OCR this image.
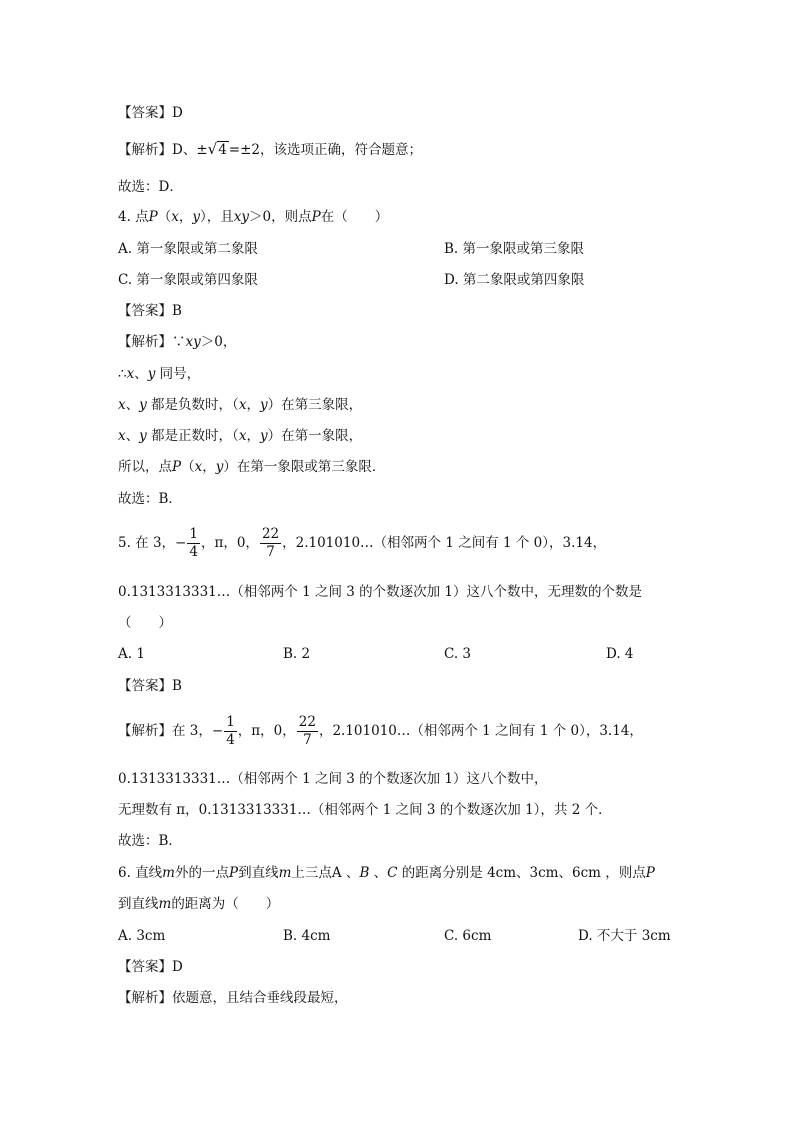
【答案】D
【解析】D、±√4 =±2，该选项正确，符合题意；
故选：D．
4. 点P（x，y），且xy＞0，则点P在（　　）
A. 第一象限或第二象限	B. 第一象限或第三象限
C. 第一象限或第四象限	D. 第二象限或第四象限
【答案】B
【解析】∵xy＞0，
∴x、y 同号，
x、y 都是负数时，（x，y）在第三象限，
x、y 都是正数时，（x，y）在第一象限，
所以，点P（x，y）在第一象限或第三象限．
故选：B．
5. 在 3，− $\frac{1}{4}$ ，π，0， $\frac{22}{7}$ ，2.101010…（相邻两个 1 之间有 1 个 0），3.14，
0.1313313331…（相邻两个 1 之间 3 的个数逐次加 1）这八个数中，无理数的个数是
（　　）
A. 1	B. 2	C. 3	D. 4
【答案】B
【解析】在 3，− $\frac{1}{4}$ ，π，0， $\frac{22}{7}$ ，2.101010…（相邻两个 1 之间有 1 个 0），3.14，
0.1313313331…（相邻两个 1 之间 3 的个数逐次加 1）这八个数中，
无理数有 π，0.1313313331…（相邻两个 1 之间 3 的个数逐次加 1），共 2 个．
故选：B．
6. 直线m外的一点P到直线m上三点A 、B 、C 的距离分别是 4cm、3cm、6cm ，则点P
到直线m的距离为（　　）
A. 3cm	B. 4cm	C. 6cm	D. 不大于 3cm
【答案】D
【解析】依题意，且结合垂线段最短，
